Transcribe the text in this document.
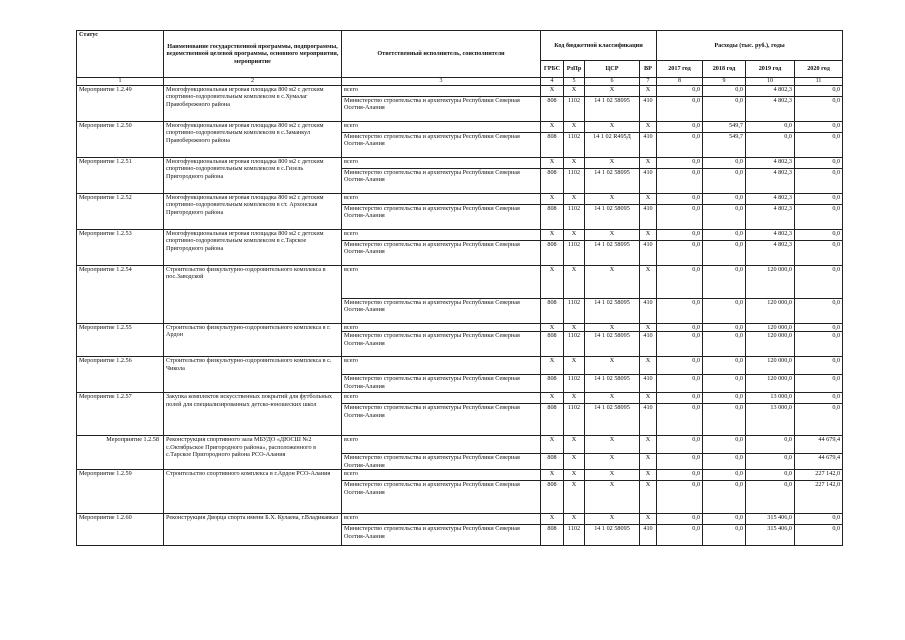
Статус	Наименование государственной программы, подпрограммы, ведомственной целевой программы, основного мероприятия, мероприятие	Ответственный исполнитель, соисполнители	Код бюджетной классификации				Расходы (тыс. руб.), годы			
			ГРБС	РзПр	ЦСР	ВР	2017 год	2018 год	2019 год	2020 год
1	2	3	4	5	6	7	8	9	10	11
Мероприятие 1.2.49	Многофункциональная игровая площадка 800 м2 с детским спортивно-оздоровительным комплексом в с.Хумалаг Правобережного района	всего	X	X	X	X	0,0	0,0	4 802,3	0,0
		Министерство строительства и архитектуры Республики Северная Осетия-Алания	808	1102	14 1 02 58095	410	0,0	0,0	4 802,3	0,0
Мероприятие 1.2.50	Многофункциональная игровая площадка 800 м2 с детским спортивно-оздоровительным комплексом в с.Заманкул Правобережного района	всего	X	X	X	X	0,0	549,7	0,0	0,0
		Министерство строительства и архитектуры Республики Северная Осетия-Алания	808	1102	14 1 02 R495Д	410	0,0	549,7	0,0	0,0
Мероприятие 1.2.51	Многофункциональная игровая площадка 800 м2 с детским спортивно-оздоровительным комплексом в с.Гизель Пригородного района	всего	X	X	X	X	0,0	0,0	4 802,3	0,0
		Министерство строительства и архитектуры Республики Северная Осетия-Алания	808	1102	14 1 02 58095	410	0,0	0,0	4 802,3	0,0
Мероприятие 1.2.52	Многофункциональная игровая площадка 800 м2 с детским спортивно-оздоровительным комплексом в ст. Архонская Пригородного района	всего	X	X	X	X	0,0	0,0	4 802,3	0,0
		Министерство строительства и архитектуры Республики Северная Осетия-Алания	808	1102	14 1 02 58095	410	0,0	0,0	4 802,3	0,0
Мероприятие 1.2.53	Многофункциональная игровая площадка 800 м2 с детским спортивно-оздоровительным комплексом в с.Тарское Пригородного района	всего	X	X	X	X	0,0	0,0	4 802,3	0,0
		Министерство строительства и архитектуры Республики Северная Осетия-Алания	808	1102	14 1 02 58095	410	0,0	0,0	4 802,3	0,0
Мероприятие 1.2.54	Строительство физкультурно-оздоровительного комплекса в пос.Заводской	всего	X	X	X	X	0,0	0,0	120 000,0	0,0
		Министерство строительства и архитектуры Республики Северная Осетия-Алания	808	1102	14 1 02 58095	410	0,0	0,0	120 000,0	0,0
Мероприятие 1.2.55	Строительство физкультурно-оздоровительного комплекса в г. Ардон	всего	X	X	X	X	0,0	0,0	120 000,0	0,0
		Министерство строительства и архитектуры Республики Северная Осетия-Алания	808	1102	14 1 02 58095	410	0,0	0,0	120 000,0	0,0
Мероприятие 1.2.56	Строительство физкультурно-оздоровительного комплекса в с. Чикола	всего	X	X	X	X	0,0	0,0	120 000,0	0,0
		Министерство строительства и архитектуры Республики Северная Осетия-Алания	808	1102	14 1 02 58095	410	0,0	0,0	120 000,0	0,0
Мероприятие 1.2.57	Закупка комплектов искусственных покрытий для футбольных полей для специализированных детско-юношеских школ	всего	X	X	X	X	0,0	0,0	13 000,0	0,0
		Министерство строительства и архитектуры Республики Северная Осетия-Алания	808	1102	14 1 02 58095	410	0,0	0,0	13 000,0	0,0
Мероприятие 1.2.58	Реконструкция спортивного зала МБУДО «ДЮСШ №2 с.Октябрьское Пригородного района», расположенного в с.Тарское Пригородного района РСО-Алания	всего	X	X	X	X	0,0	0,0	0,0	44 679,4
		Министерство строительства и архитектуры Республики Северная Осетия-Алания	808	X	X	X	0,0	0,0	0,0	44 679,4
Мероприятие 1.2.59	Строительство спортивного комплекса в г.Ардон РСО-Алания	всего	X	X	X	X	0,0	0,0	0,0	227 142,0
		Министерство строительства и архитектуры Республики Северная Осетия-Алания	808	X	X	X	0,0	0,0	0,0	227 142,0
Мероприятие 1.2.60	Реконструкция Дворца спорта имени Б.Х. Кулаева, г.Владикавказ	всего	X	X	X	X	0,0	0,0	315 406,0	0,0
		Министерство строительства и архитектуры Республики Северная Осетия-Алания	808	1102	14 1 02 58095	410	0,0	0,0	315 406,0	0,0
